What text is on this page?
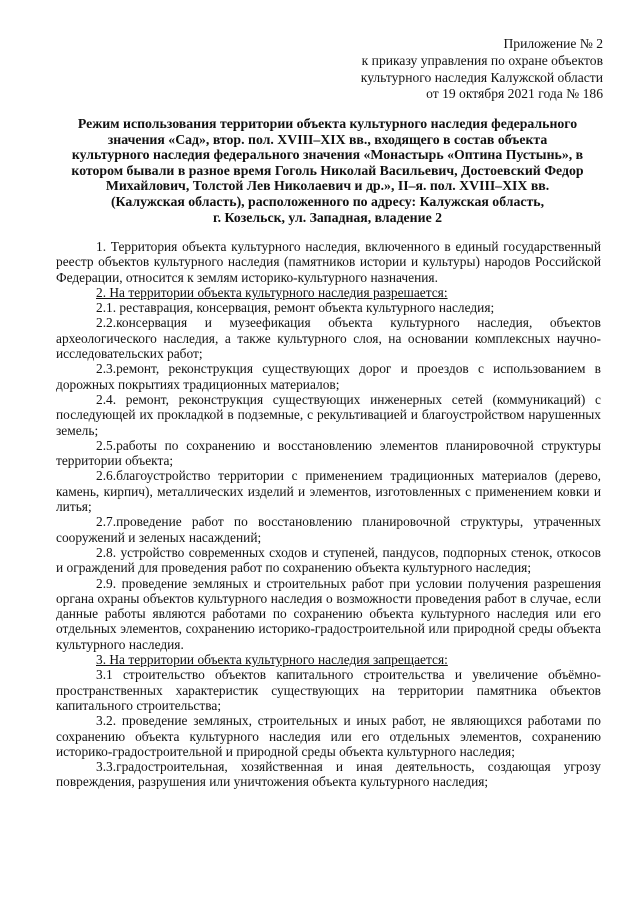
Приложение № 2
к приказу управления по охране объектов
культурного наследия Калужской области
от 19 октября 2021 года № 186
Режим использования территории объекта культурного наследия федерального
значения «Сад», втор. пол. XVIII–XIX вв., входящего в состав объекта
культурного наследия федерального значения «Монастырь «Оптина Пустынь», в
котором бывали в разное время Гоголь Николай Васильевич, Достоевский Федор
Михайлович, Толстой Лев Николаевич и др.», II–я. пол. XVIII–XIX вв.
(Калужская область), расположенного по адресу: Калужская область,
г. Козельск, ул. Западная, владение 2
1. Территория объекта культурного наследия, включенного в единый государственный реестр объектов культурного наследия (памятников истории и культуры) народов Российской Федерации, относится к землям историко-культурного назначения.
2. На территории объекта культурного наследия разрешается:
2.1. реставрация, консервация, ремонт объекта культурного наследия;
2.2.консервация и музеефикация объекта культурного наследия, объектов археологического наследия, а также культурного слоя, на основании комплексных научно-исследовательских работ;
2.3.ремонт, реконструкция существующих дорог и проездов с использованием в дорожных покрытиях традиционных материалов;
2.4. ремонт, реконструкция существующих инженерных сетей (коммуникаций) с последующей их прокладкой в подземные, с рекультивацией и благоустройством нарушенных земель;
2.5.работы по сохранению и восстановлению элементов планировочной структуры территории объекта;
2.6.благоустройство территории с применением традиционных материалов (дерево, камень, кирпич), металлических изделий и элементов, изготовленных с применением ковки и литья;
2.7.проведение работ по восстановлению планировочной структуры, утраченных сооружений и зеленых насаждений;
2.8. устройство современных сходов и ступеней, пандусов, подпорных стенок, откосов и ограждений для проведения работ по сохранению объекта культурного наследия;
2.9. проведение земляных и строительных работ при условии получения разрешения органа охраны объектов культурного наследия о возможности проведения работ в случае, если данные работы являются работами по сохранению объекта культурного наследия или его отдельных элементов, сохранению историко-градостроительной или природной среды объекта культурного наследия.
3. На территории объекта культурного наследия запрещается:
3.1 строительство объектов капитального строительства и увеличение объёмно-пространственных характеристик существующих на территории памятника объектов капитального строительства;
3.2. проведение земляных, строительных и иных работ, не являющихся работами по сохранению объекта культурного наследия или его отдельных элементов, сохранению историко-градостроительной и природной среды объекта культурного наследия;
3.3.градостроительная, хозяйственная и иная деятельность, создающая угрозу повреждения, разрушения или уничтожения объекта культурного наследия;
